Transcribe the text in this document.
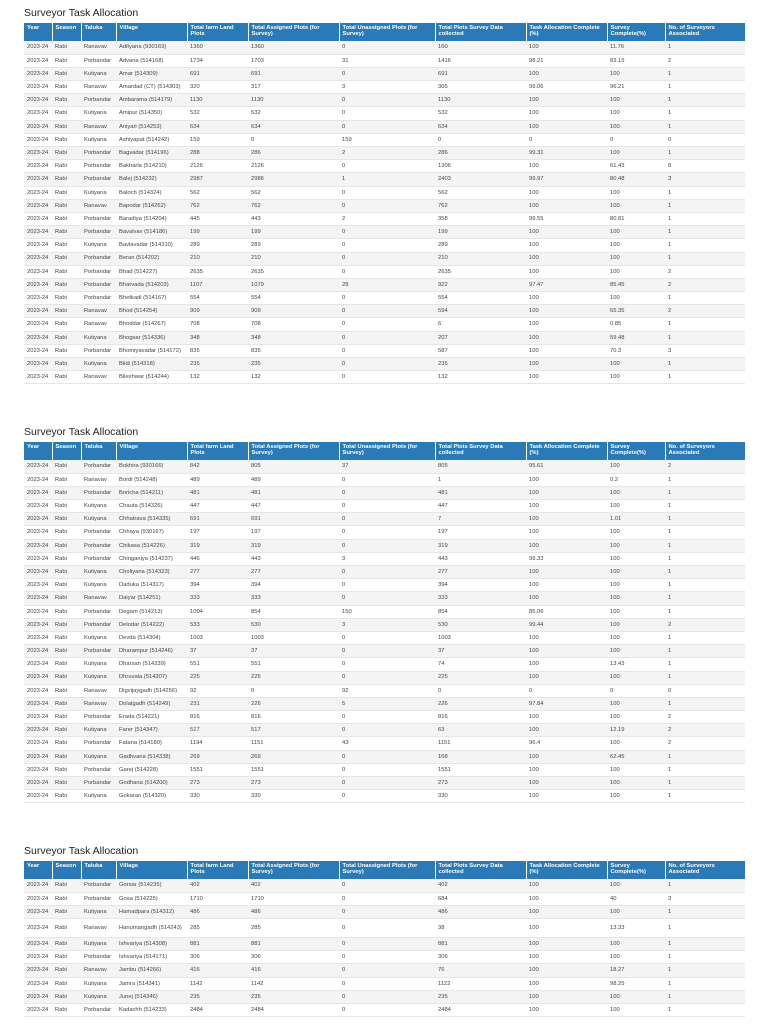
Surveyor Task Allocation
Year	Season	Taluka	Village	Total farm Land Plots	Total Assigned Plots (for Survey)	Total Unassigned Plots (for Survey)	Total Plots Survey Data collected	Task Allocation Complete (%)	Survey Complete(%)	No. of Surveyors Associated
2023-24	Rabi	Ranavav	Adityana (930169)	1360	1360	0	160	100	11.76	1
2023-24	Rabi	Porbandar	Advana (514168)	1734	1703	31	1416	98.21	83.15	2
2023-24	Rabi	Kutiyana	Amar (514309)	691	691	0	691	100	100	1
2023-24	Rabi	Ranavav	Amardad (CT) (514303)	320	317	3	305	99.06	96.21	1
2023-24	Rabi	Porbandar	Ambarama (514179)	1130	1130	0	1130	100	100	1
2023-24	Rabi	Kutiyana	Amipur (514350)	532	532	0	532	100	100	1
2023-24	Rabi	Ranavav	Aniyari (514253)	634	634	0	634	100	100	1
2023-24	Rabi	Kutiyana	Ashiyapat (514242)	159	0	159	0	0	0	0
2023-24	Rabi	Porbandar	Bagvadar (514196)	288	286	2	286	99.31	100	1
2023-24	Rabi	Porbandar	Bakharla (514210)	2126	2126	0	1306	100	61.43	8
2023-24	Rabi	Porbandar	Balej (514232)	2987	2986	1	2403	99.97	80.48	3
2023-24	Rabi	Kutiyana	Baloch (514324)	562	562	0	562	100	100	1
2023-24	Rabi	Ranavav	Bapodar (514262)	762	762	0	762	100	100	1
2023-24	Rabi	Porbandar	Baradiya (514204)	445	443	2	358	99.55	80.81	1
2023-24	Rabi	Porbandar	Bavalvav (514186)	199	199	0	199	100	100	1
2023-24	Rabi	Kutiyana	Bavlavadar (514310)	289	289	0	289	100	100	1
2023-24	Rabi	Porbandar	Beran (514202)	210	210	0	210	100	100	1
2023-24	Rabi	Porbandar	Bhad (514227)	2635	2635	0	2635	100	100	2
2023-24	Rabi	Porbandar	Bharvada (514203)	1107	1079	28	922	97.47	85.45	2
2023-24	Rabi	Porbandar	Bhetkadi (514167)	554	554	0	554	100	100	1
2023-24	Rabi	Ranavav	Bhod (514254)	909	909	0	594	100	65.35	2
2023-24	Rabi	Ranavav	Bhoddar (514267)	708	708	0	6	100	0.85	1
2023-24	Rabi	Kutiyana	Bhogsar (514336)	348	348	0	207	100	59.48	1
2023-24	Rabi	Porbandar	Bhomiyavadar (514172)	835	835	0	587	100	70.3	3
2023-24	Rabi	Kutiyana	Bildi (514318)	235	235	0	235	100	100	1
2023-24	Rabi	Ranavav	Bileshwar (514244)	132	132	0	132	100	100	1
Surveyor Task Allocation
Year	Season	Taluka	Village	Total farm Land Plots	Total Assigned Plots (for Survey)	Total Unassigned Plots (for Survey)	Total Plots Survey Data collected	Task Allocation Complete (%)	Survey Complete(%)	No. of Surveyors Associated
2023-24	Rabi	Porbandar	Bokhira (930166)	842	805	37	805	95.61	100	2
2023-24	Rabi	Ranavav	Bordi (514248)	489	489	0	1	100	0.2	1
2023-24	Rabi	Porbandar	Boricha (514211)	481	481	0	481	100	100	1
2023-24	Rabi	Kutiyana	Chauta (514326)	447	447	0	447	100	100	1
2023-24	Rabi	Kutiyana	Chhatrava (514335)	691	691	0	7	100	1.01	1
2023-24	Rabi	Porbandar	Chhaya (930167)	197	197	0	197	100	100	1
2023-24	Rabi	Porbandar	Chikasa (514226)	319	319	0	319	100	100	1
2023-24	Rabi	Porbandar	Chinganiya (514237)	446	443	3	443	99.33	100	1
2023-24	Rabi	Kutiyana	Choliyana (514323)	277	277	0	277	100	100	1
2023-24	Rabi	Kutiyana	Daduka (514317)	394	394	0	394	100	100	1
2023-24	Rabi	Ranavav	Daiyar (514251)	333	333	0	333	100	100	1
2023-24	Rabi	Porbandar	Degam (514213)	1004	854	150	854	85.06	100	1
2023-24	Rabi	Porbandar	Delodar (514222)	533	530	3	530	99.44	100	2
2023-24	Rabi	Kutiyana	Devda (514304)	1003	1003	0	1003	100	100	1
2023-24	Rabi	Porbandar	Dharampur (514246)	37	37	0	37	100	100	1
2023-24	Rabi	Kutiyana	Dharsan (514339)	551	551	0	74	100	13.43	1
2023-24	Rabi	Kutiyana	Dhruvala (514307)	225	225	0	225	100	100	1
2023-24	Rabi	Ranavav	Digvijaygadh (514256)	92	0	92	0	0	0	0
2023-24	Rabi	Ranavav	Dolatgadh (514249)	231	226	5	226	97.84	100	1
2023-24	Rabi	Porbandar	Erada (514221)	816	816	0	816	100	100	2
2023-24	Rabi	Kutiyana	Farer (514347)	517	517	0	63	100	12.19	2
2023-24	Rabi	Porbandar	Fatana (514180)	1194	1151	43	1151	96.4	100	2
2023-24	Rabi	Kutiyana	Gadhvana (514338)	269	269	0	168	100	62.45	1
2023-24	Rabi	Porbandar	Garej (514228)	1551	1551	0	1551	100	100	1
2023-24	Rabi	Porbandar	Godhana (514200)	273	273	0	273	100	100	1
2023-24	Rabi	Kutiyana	Gokaran (514320)	330	330	0	330	100	100	1
Surveyor Task Allocation
Year	Season	Taluka	Village	Total farm Land Plots	Total Assigned Plots (for Survey)	Total Unassigned Plots (for Survey)	Total Plots Survey Data collected	Task Allocation Complete (%)	Survey Complete(%)	No. of Surveyors Associated
2023-24	Rabi	Porbandar	Gorsar (514235)	402	402	0	402	100	100	1
2023-24	Rabi	Porbandar	Gosa (514225)	1710	1710	0	684	100	40	3
2023-24	Rabi	Kutiyana	Hamadpara (514312)	486	486	0	486	100	100	1
2023-24	Rabi	Ranavav	Hanumangadh (514243)	285	285	0	38	100	13.33	1
2023-24	Rabi	Kutiyana	Ishvariya (514308)	881	881	0	881	100	100	1
2023-24	Rabi	Porbandar	Ishvariya (514171)	306	306	0	306	100	100	1
2023-24	Rabi	Ranavav	Jambu (514266)	416	416	0	76	100	18.27	1
2023-24	Rabi	Kutiyana	Jamra (514341)	1142	1142	0	1122	100	98.25	1
2023-24	Rabi	Kutiyana	Junej (514346)	235	235	0	235	100	100	1
2023-24	Rabi	Porbandar	Kadachh (514233)	2484	2484	0	2484	100	100	1
